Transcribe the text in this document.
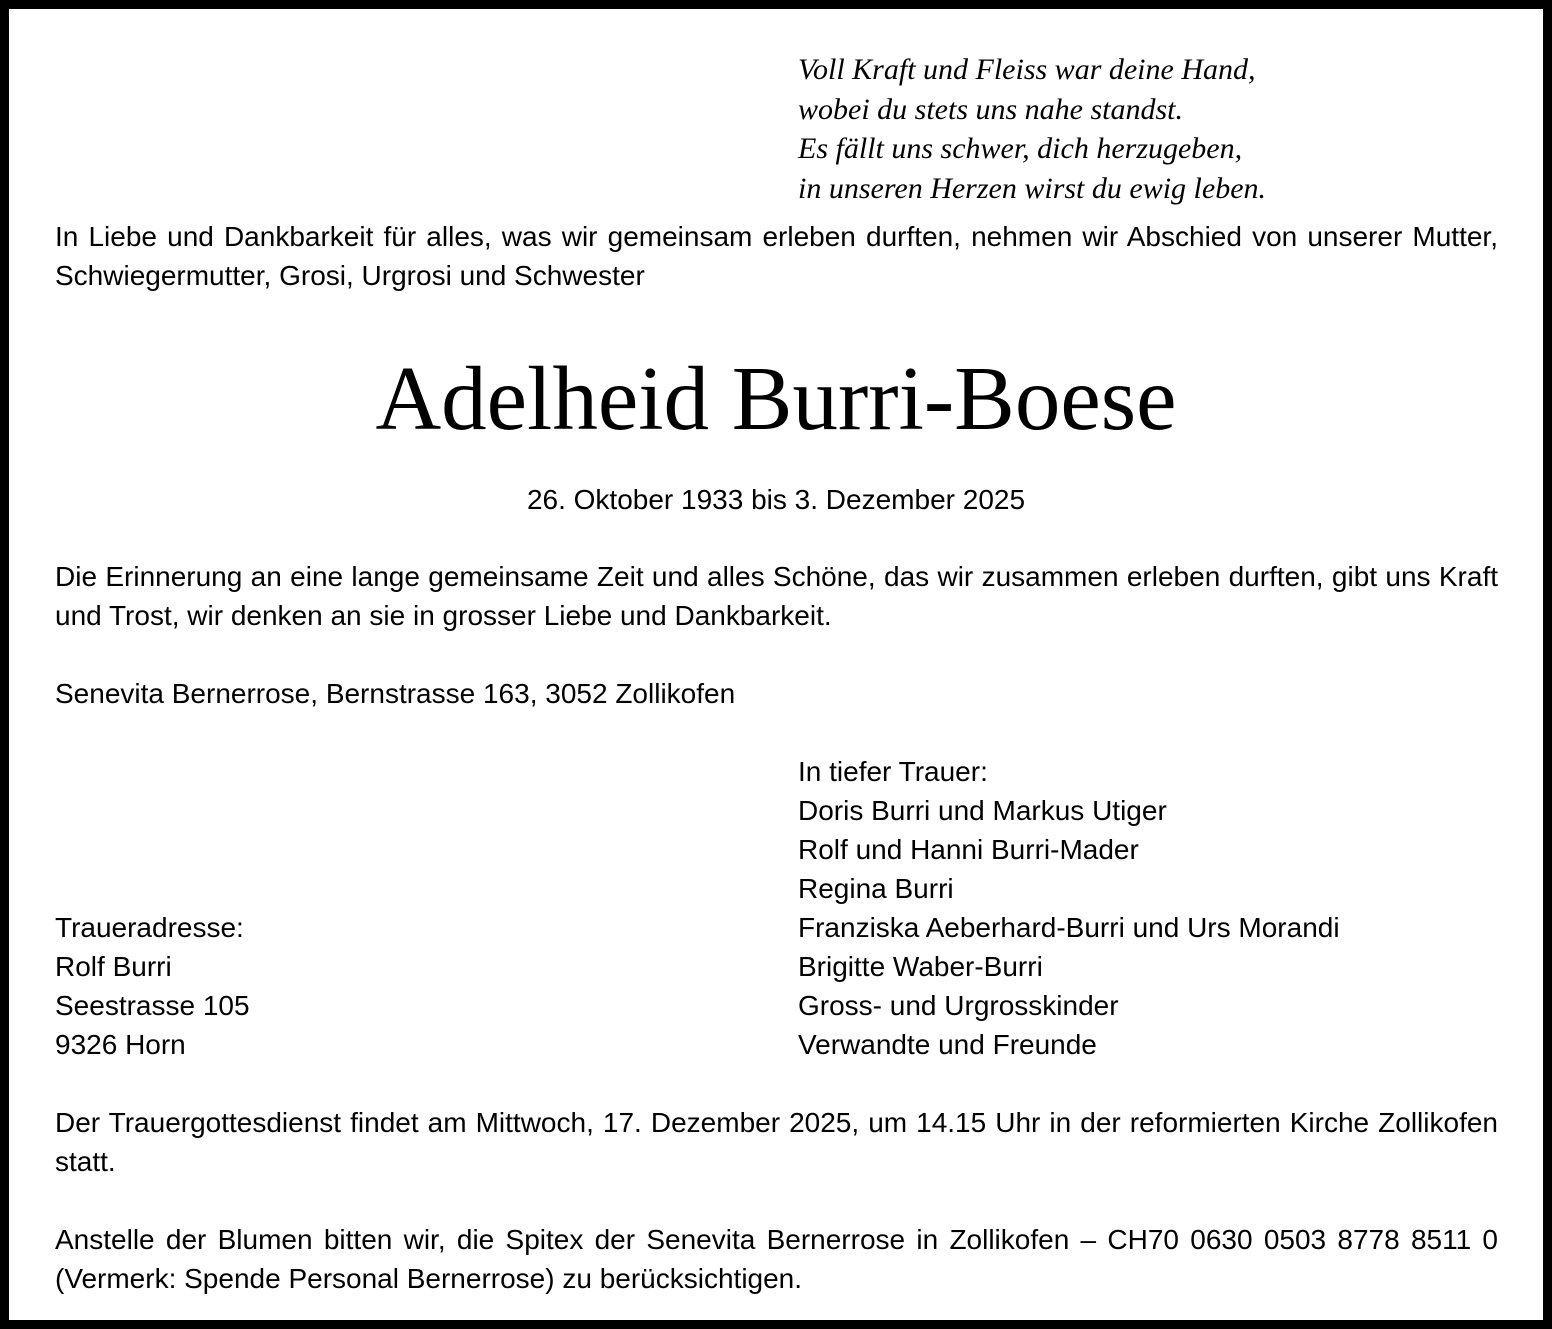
Voll Kraft und Fleiss war deine Hand,
wobei du stets uns nahe standst.
Es fällt uns schwer, dich herzugeben,
in unseren Herzen wirst du ewig leben.
In Liebe und Dankbarkeit für alles, was wir gemeinsam erleben durften, nehmen wir Abschied von unserer Mutter, Schwiegermutter, Grosi, Urgrosi und Schwester
Adelheid Burri-Boese
26. Oktober 1933 bis 3. Dezember 2025
Die Erinnerung an eine lange gemeinsame Zeit und alles Schöne, das wir zusammen erleben durften, gibt uns Kraft und Trost, wir denken an sie in grosser Liebe und Dankbarkeit.
Senevita Bernerrose, Bernstrasse 163, 3052 Zollikofen
In tiefer Trauer:
Doris Burri und Markus Utiger
Rolf und Hanni Burri-Mader
Regina Burri
Franziska Aeberhard-Burri und Urs Morandi
Brigitte Waber-Burri
Gross- und Urgrosskinder
Verwandte und Freunde
Traueradresse:
Rolf Burri
Seestrasse 105
9326 Horn
Der Trauergottesdienst findet am Mittwoch, 17. Dezember 2025, um 14.15 Uhr in der reformierten Kirche Zollikofen statt.
Anstelle der Blumen bitten wir, die Spitex der Senevita Bernerrose in Zollikofen – CH70 0630 0503 8778 8511 0
(Vermerk: Spende Personal Bernerrose) zu berücksichtigen.
